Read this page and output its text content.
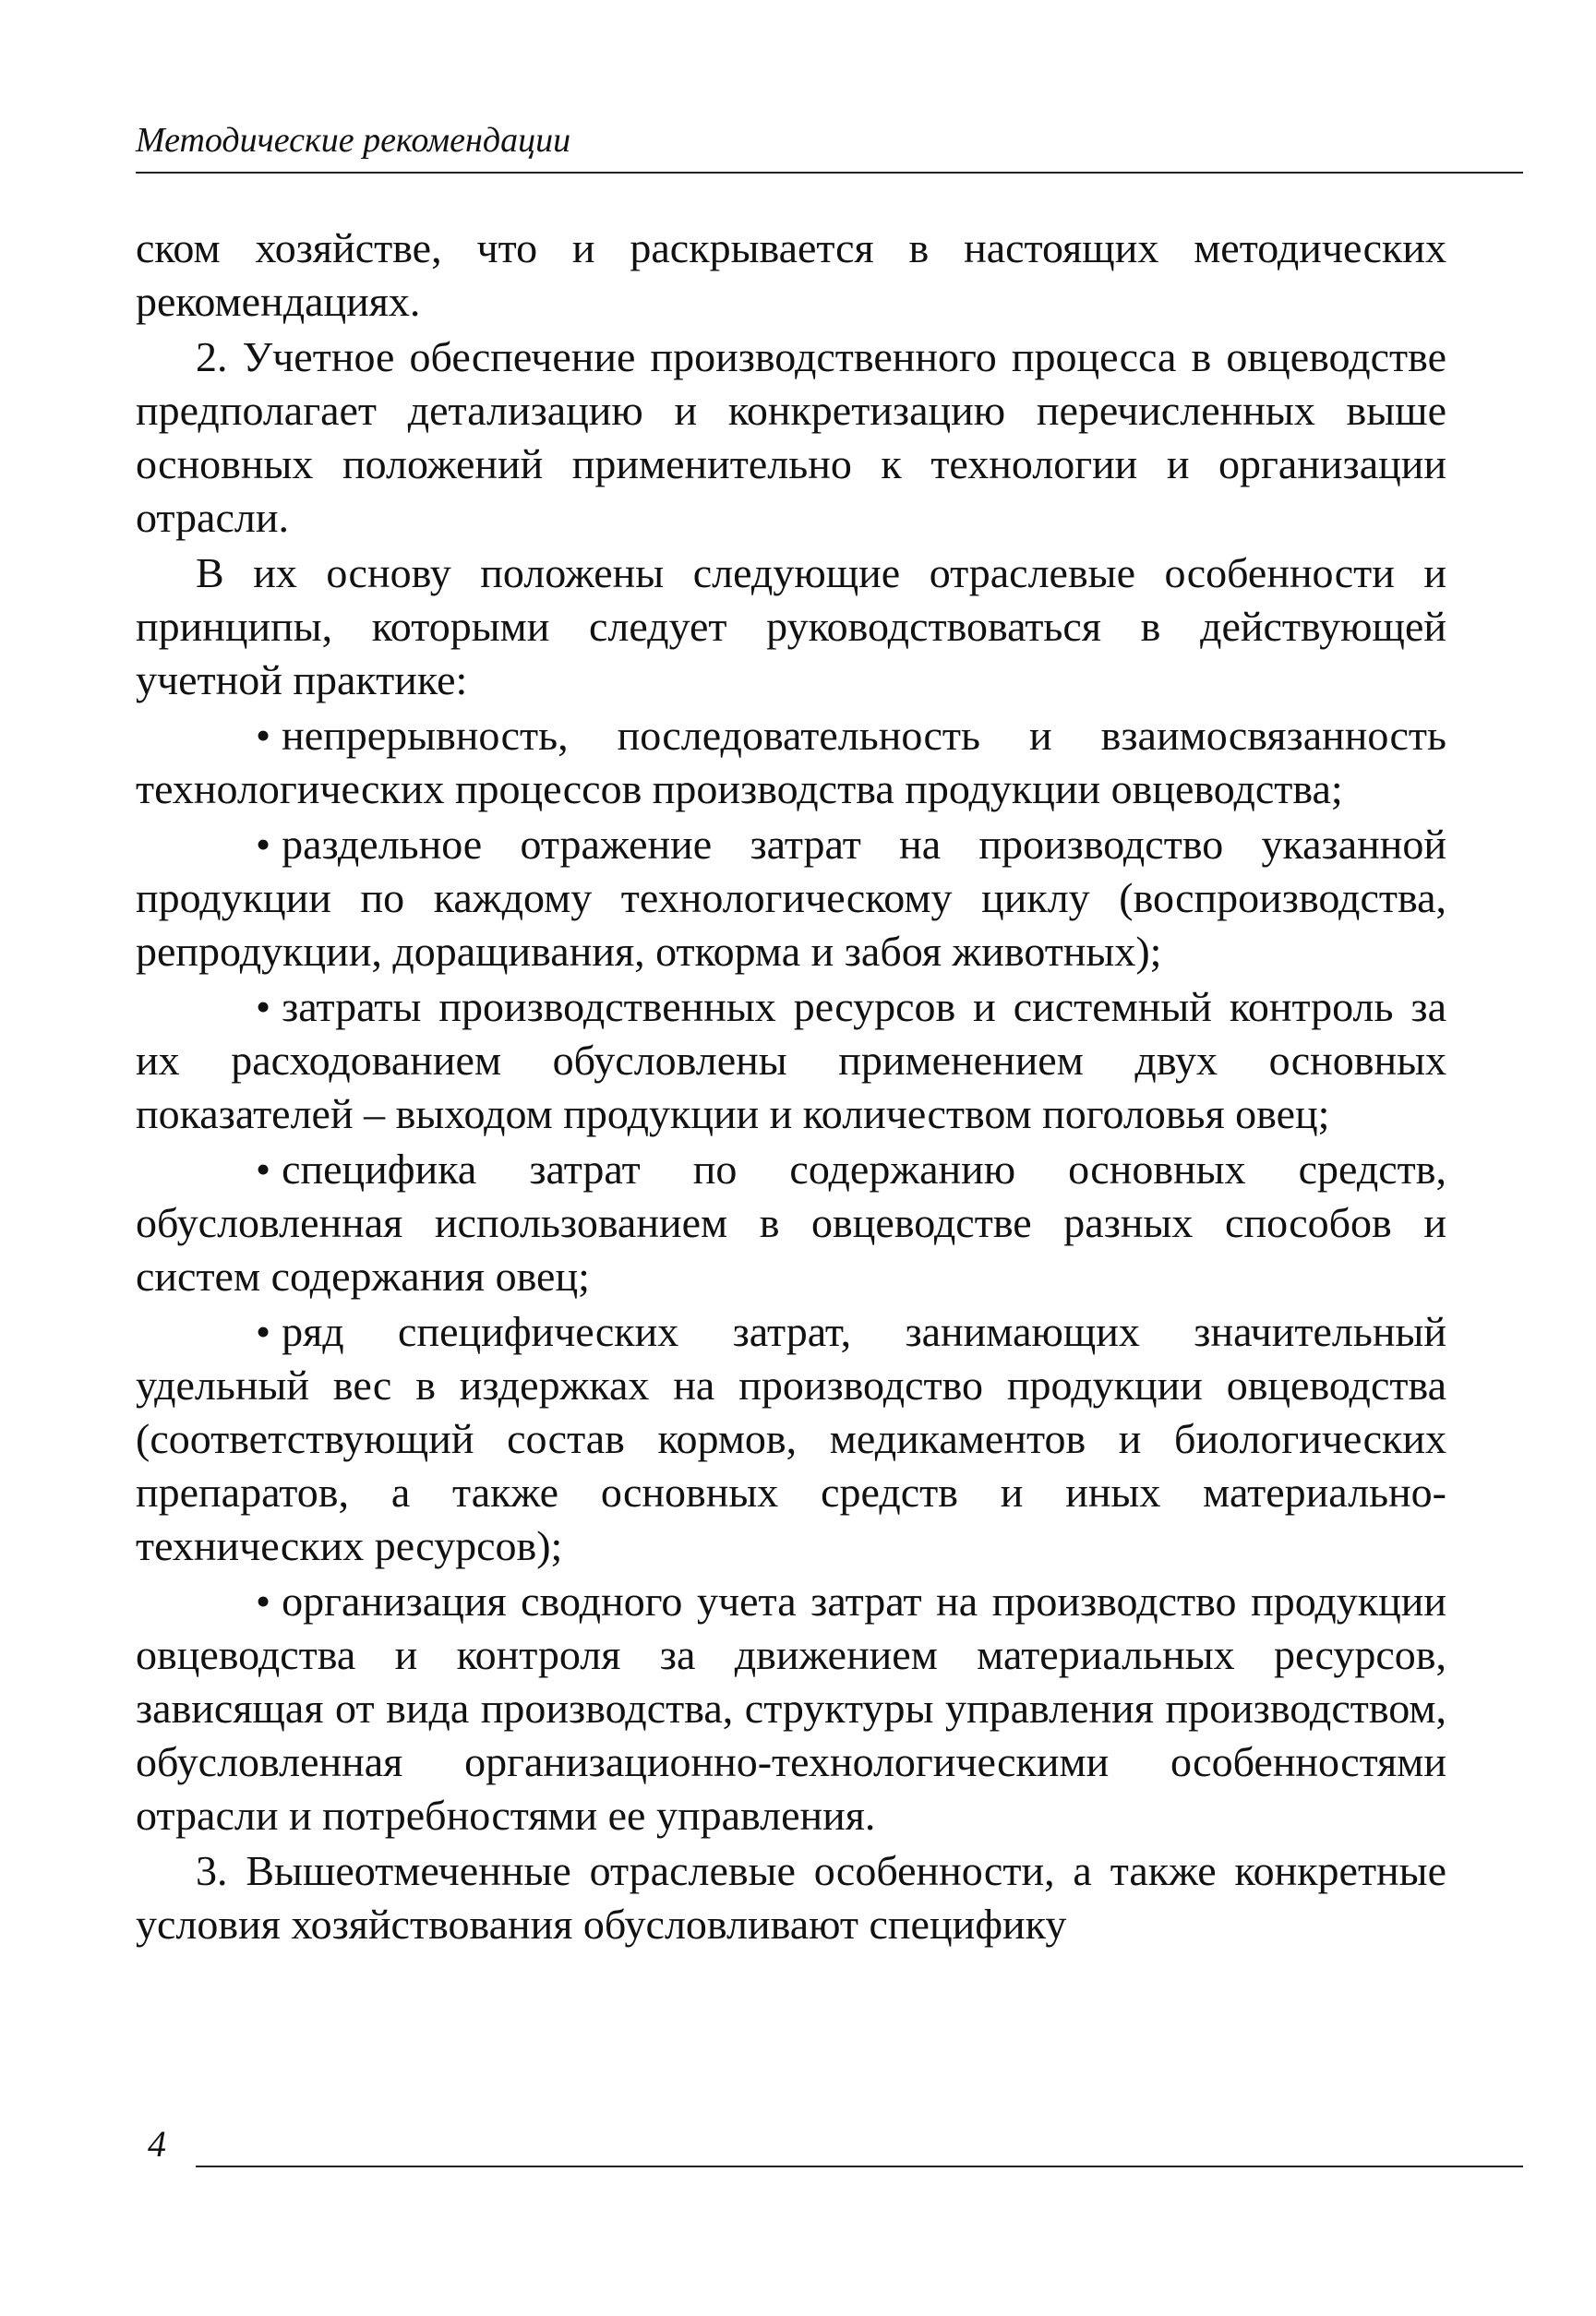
Методические рекомендации

ском хозяйстве, что и раскрывается в настоящих методических рекомендациях.

2. Учетное обеспечение производственного процесса в овцеводстве предполагает детализацию и конкретизацию перечисленных выше основных положений применительно к технологии и организации отрасли.

В их основу положены следующие отраслевые особенности и принципы, которыми следует руководствоваться в действующей учетной практике:

• непрерывность, последовательность и взаимосвязанность технологических процессов производства продукции овцеводства;

• раздельное отражение затрат на производство указанной продукции по каждому технологическому циклу (воспроизводства, репродукции, доращивания, откорма и забоя животных);

• затраты производственных ресурсов и системный контроль за их расходованием обусловлены применением двух основных показателей – выходом продукции и количеством поголовья овец;

• специфика затрат по содержанию основных средств, обусловленная использованием в овцеводстве разных способов и систем содержания овец;

• ряд специфических затрат, занимающих значительный удельный вес в издержках на производство продукции овцеводства (соответствующий состав кормов, медикаментов и биологических препаратов, а также основных средств и иных материально-технических ресурсов);

• организация сводного учета затрат на производство продукции овцеводства и контроля за движением материальных ресурсов, зависящая от вида производства, структуры управления производством, обусловленная организационно-технологическими особенностями отрасли и потребностями ее управления.

3. Вышеотмеченные отраслевые особенности, а также конкретные условия хозяйствования обусловливают специфику

4
